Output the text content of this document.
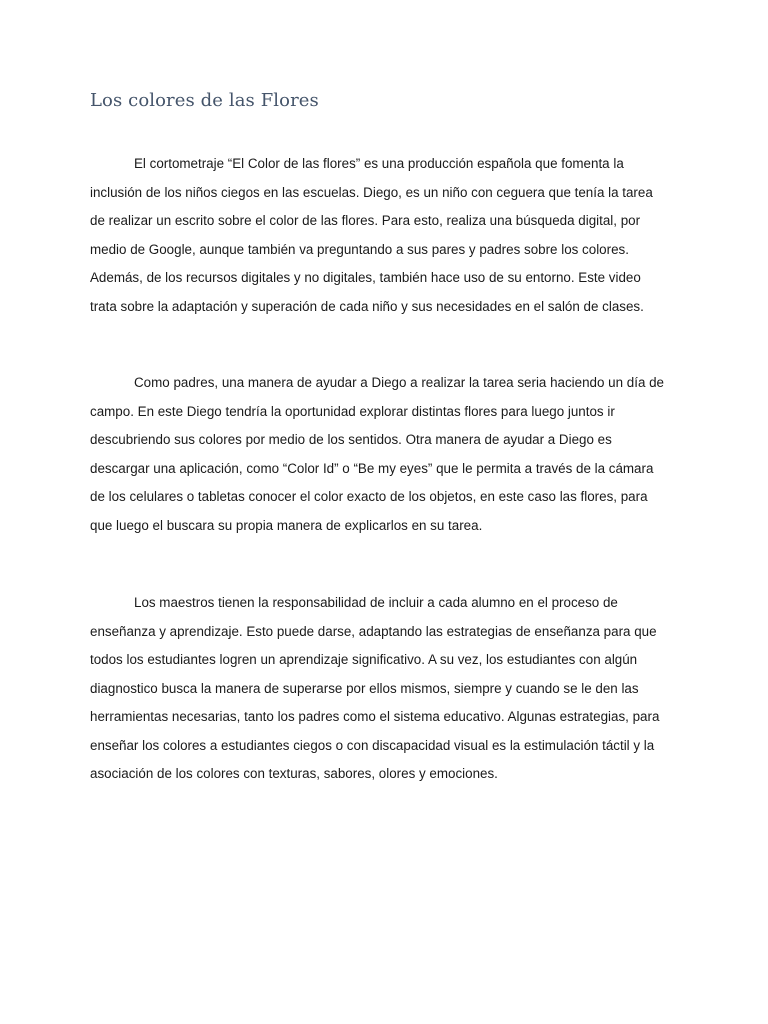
Los colores de las Flores

El cortometraje “El Color de las flores” es una producción española que fomenta la
inclusión de los niños ciegos en las escuelas. Diego, es un niño con ceguera que tenía la tarea
de realizar un escrito sobre el color de las flores. Para esto, realiza una búsqueda digital, por
medio de Google, aunque también va preguntando a sus pares y padres sobre los colores.
Además, de los recursos digitales y no digitales, también hace uso de su entorno. Este video
trata sobre la adaptación y superación de cada niño y sus necesidades en el salón de clases.

Como padres, una manera de ayudar a Diego a realizar la tarea seria haciendo un día de
campo. En este Diego tendría la oportunidad explorar distintas flores para luego juntos ir
descubriendo sus colores por medio de los sentidos. Otra manera de ayudar a Diego es
descargar una aplicación, como “Color Id” o “Be my eyes” que le permita a través de la cámara
de los celulares o tabletas conocer el color exacto de los objetos, en este caso las flores, para
que luego el buscara su propia manera de explicarlos en su tarea.

Los maestros tienen la responsabilidad de incluir a cada alumno en el proceso de
enseñanza y aprendizaje. Esto puede darse, adaptando las estrategias de enseñanza para que
todos los estudiantes logren un aprendizaje significativo. A su vez, los estudiantes con algún
diagnostico busca la manera de superarse por ellos mismos, siempre y cuando se le den las
herramientas necesarias, tanto los padres como el sistema educativo. Algunas estrategias, para
enseñar los colores a estudiantes ciegos o con discapacidad visual es la estimulación táctil y la
asociación de los colores con texturas, sabores, olores y emociones.
